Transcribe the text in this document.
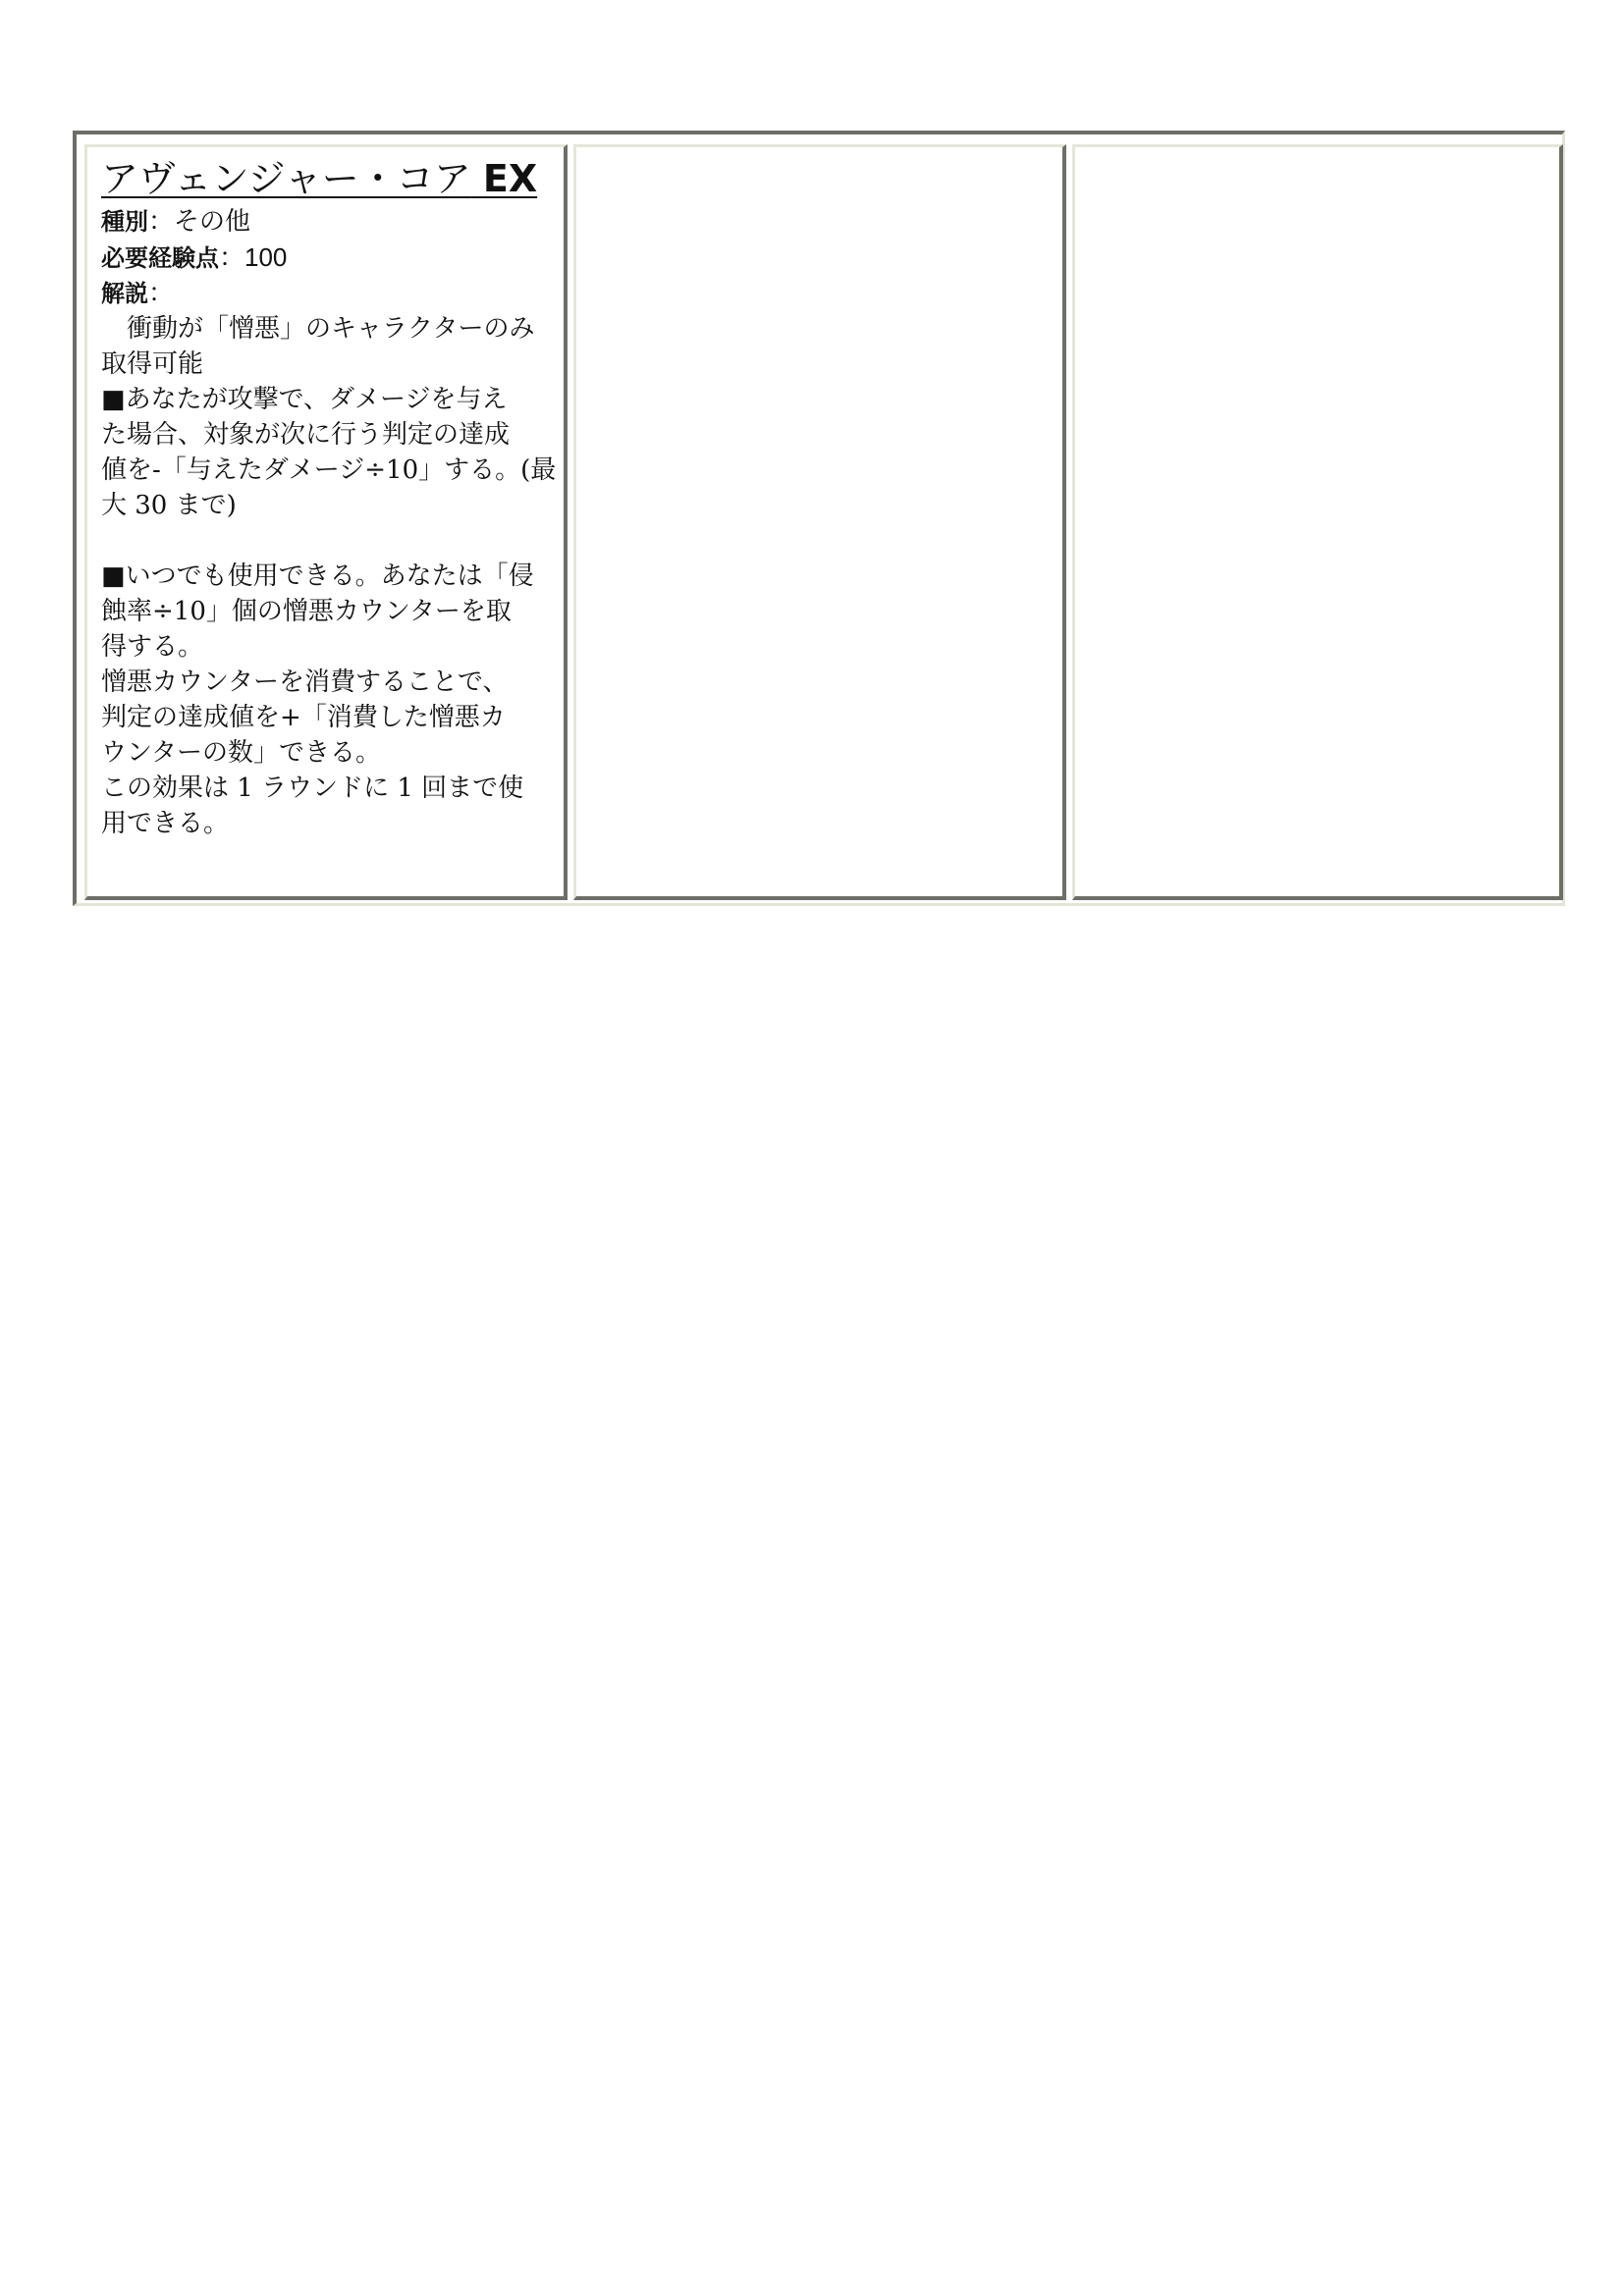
アヴェンジャー・コア EX
種別：その他
必要経験点：100
解説：
　衝動が「憎悪」のキャラクターのみ
取得可能
■あなたが攻撃で、ダメージを与え
た場合、対象が次に行う判定の達成
値を-「与えたダメージ÷10」する。(最
大 30 まで)
■いつでも使用できる。あなたは「侵
蝕率÷10」個の憎悪カウンターを取
得する。
憎悪カウンターを消費することで、
判定の達成値を+「消費した憎悪カ
ウンターの数」できる。
この効果は 1 ラウンドに 1 回まで使
用できる。
